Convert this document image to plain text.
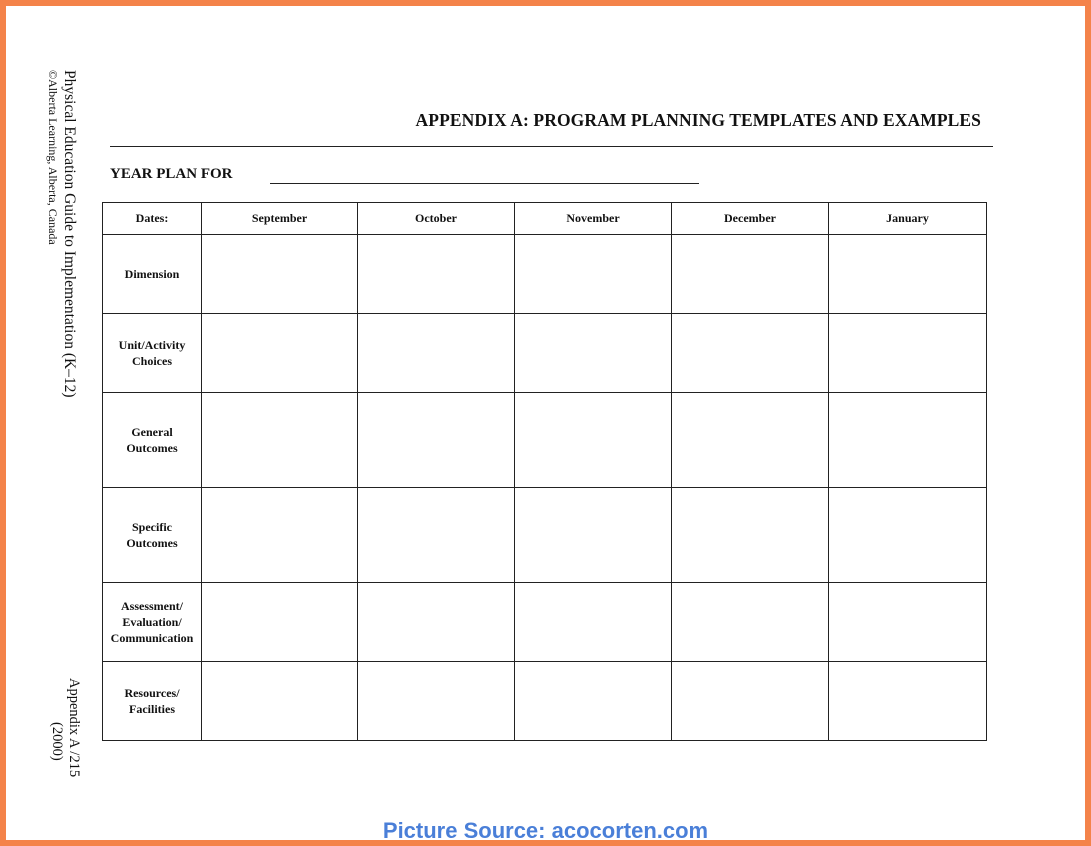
Physical Education Guide to Implementation (K–12)
©Alberta Learning, Alberta, Canada
Appendix A /215
(2000)
APPENDIX A: PROGRAM PLANNING TEMPLATES AND EXAMPLES
YEAR PLAN FOR
Dates:	September	October	November	December	January

Dimension					

Unit/Activity
Choices					

General
Outcomes					

Specific
Outcomes					

Assessment/
Evaluation/
Communication					

Resources/
Facilities					

Picture Source: acocorten.com
